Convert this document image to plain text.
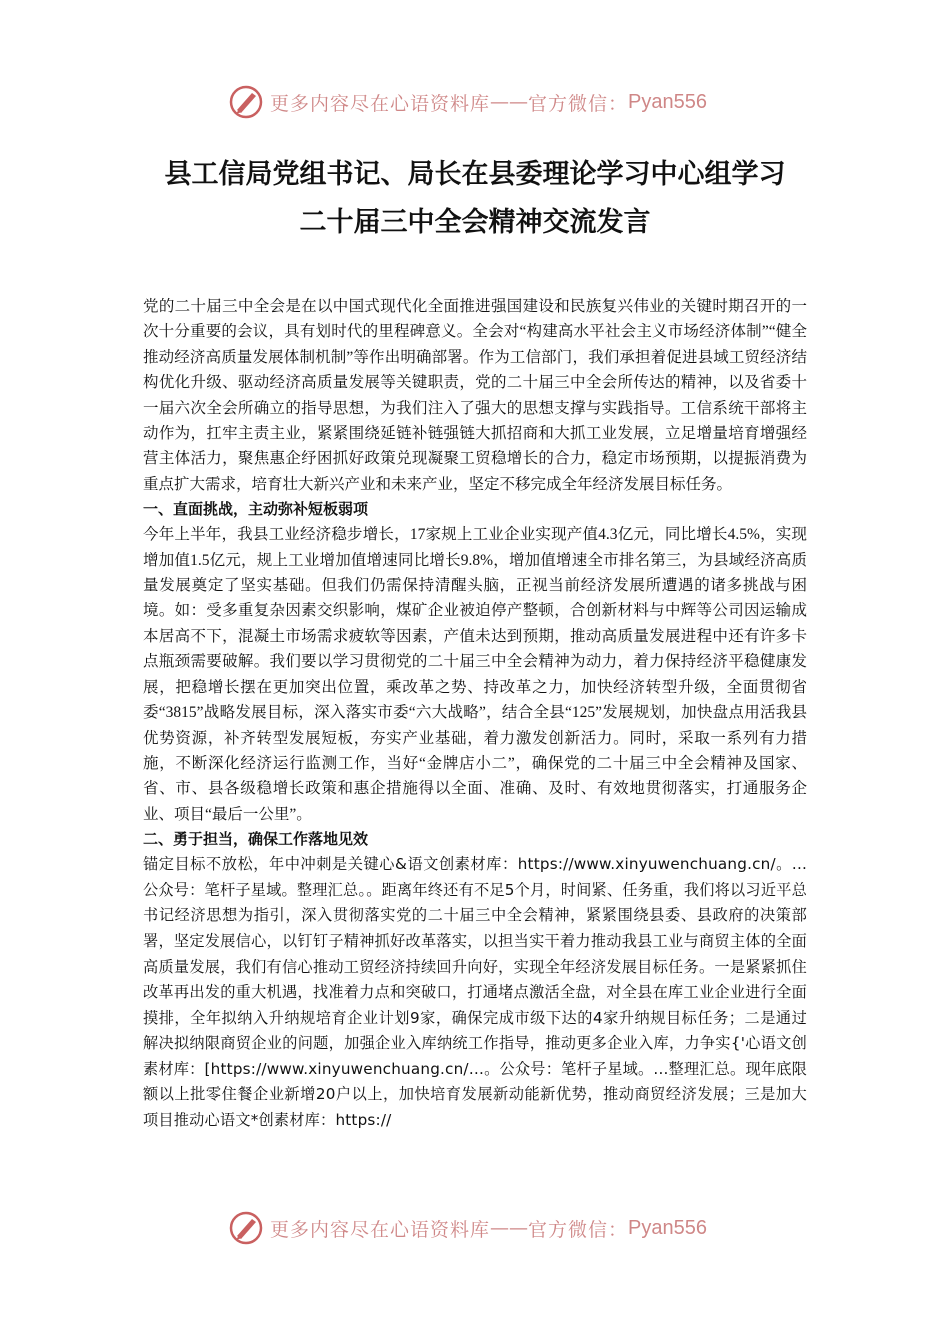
更多内容尽在心语资料库 —— 官方微信： Pyan556
县工信局党组书记、局长在县委理论学习中心组学习
二十届三中全会精神交流发言

党的二十届三中全会是在以中国式现代化全面推进强国建设和民族复兴伟业的关键时期召开的一次十分重要的会议，具有划时代的里程碑意义。全会对“构建高水平社会主义市场经济体制”“健全推动经济高质量发展体制机制”等作出明确部署。作为工信部门，我们承担着促进县域工贸经济结构优化升级、驱动经济高质量发展等关键职责，党的二十届三中全会所传达的精神，以及省委十一届六次全会所确立的指导思想，为我们注入了强大的思想支撑与实践指导。工信系统干部将主动作为，扛牢主责主业，紧紧围绕延链补链强链大抓招商和大抓工业发展，立足增量培育增强经营主体活力，聚焦惠企纾困抓好政策兑现凝聚工贸稳增长的合力，稳定市场预期，以提振消费为重点扩大需求，培育壮大新兴产业和未来产业，坚定不移完成全年经济发展目标任务。

一、直面挑战，主动弥补短板弱项

今年上半年，我县工业经济稳步增长，17家规上工业企业实现产值4.3亿元，同比增长4.5%，实现增加值1.5亿元，规上工业增加值增速同比增长9.8%，增加值增速全市排名第三，为县域经济高质量发展奠定了坚实基础。但我们仍需保持清醒头脑，正视当前经济发展所遭遇的诸多挑战与困境。如：受多重复杂因素交织影响，煤矿企业被迫停产整顿，合创新材料与中辉等公司因运输成本居高不下，混凝土市场需求疲软等因素，产值未达到预期，推动高质量发展进程中还有许多卡点瓶颈需要破解。我们要以学习贯彻党的二十届三中全会精神为动力，着力保持经济平稳健康发展，把稳增长摆在更加突出位置，乘改革之势、持改革之力，加快经济转型升级，全面贯彻省委“3815”战略发展目标，深入落实市委“六大战略”，结合全县“125”发展规划，加快盘点用活我县优势资源，补齐转型发展短板，夯实产业基础，着力激发创新活力。同时，采取一系列有力措施，不断深化经济运行监测工作，当好“金牌店小二”，确保党的二十届三中全会精神及国家、省、市、县各级稳增长政策和惠企措施得以全面、准确、及时、有效地贯彻落实，打通服务企业、项目“最后一公里”。

二、勇于担当，确保工作落地见效

锚定目标不放松，年中冲刺是关键心&语文创素材库：https://www.xinyuwenchuang.cn/。...公众号：笔杆子星域。整理汇总。。距离年终还有不足5个月，时间紧、任务重，我们将以习近平总书记经济思想为指引，深入贯彻落实党的二十届三中全会精神，紧紧围绕县委、县政府的决策部署，坚定发展信心，以钉钉子精神抓好改革落实，以担当实干着力推动我县工业与商贸主体的全面高质量发展，我们有信心推动工贸经济持续回升向好，实现全年经济发展目标任务。一是紧紧抓住改革再出发的重大机遇，找准着力点和突破口，打通堵点激活全盘，对全县在库工业企业进行全面摸排，全年拟纳入升纳规培育企业计划9家，确保完成市级下达的4家升纳规目标任务；二是通过解决拟纳限商贸企业的问题，加强企业入库纳统工作指导，推动更多企业入库，力争实{'心语文创素材库：[https://www.xinyuwenchuang.cn/…。公众号：笔杆子星域。...整理汇总。现年底限额以上批零住餐企业新增20户以上，加快培育发展新动能新优势，推动商贸经济发展；三是加大项目推动心语文*创素材库：https://

更多内容尽在心语资料库 —— 官方微信： Pyan556
